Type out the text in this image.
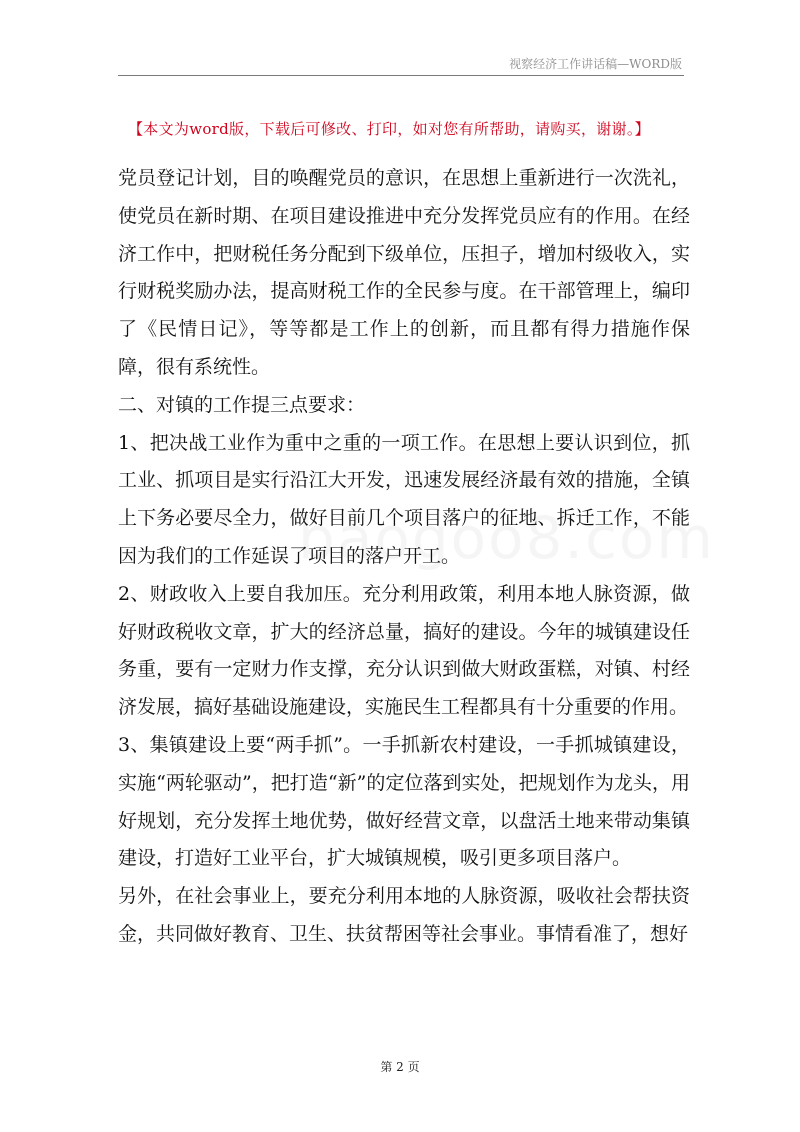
视察经济工作讲话稿—WORD版
【本文为word版，下载后可修改、打印，如对您有所帮助，请购买，谢谢。】

党员登记计划，目的唤醒党员的意识，在思想上重新进行一次洗礼，使党员在新时期、在项目建设推进中充分发挥党员应有的作用。在经济工作中，把财税任务分配到下级单位，压担子，增加村级收入，实行财税奖励办法，提高财税工作的全民参与度。在干部管理上，编印了《民情日记》，等等都是工作上的创新，而且都有得力措施作保障，很有系统性。

二、对镇的工作提三点要求：

1、把决战工业作为重中之重的一项工作。在思想上要认识到位，抓工业、抓项目是实行沿江大开发，迅速发展经济最有效的措施，全镇上下务必要尽全力，做好目前几个项目落户的征地、拆迁工作，不能因为我们的工作延误了项目的落户开工。

2、财政收入上要自我加压。充分利用政策，利用本地人脉资源，做好财政税收文章，扩大的经济总量，搞好的建设。今年的城镇建设任务重，要有一定财力作支撑，充分认识到做大财政蛋糕，对镇、村经济发展，搞好基础设施建设，实施民生工程都具有十分重要的作用。

3、集镇建设上要“两手抓”。一手抓新农村建设，一手抓城镇建设，实施“两轮驱动”，把打造“新”的定位落到实处，把规划作为龙头，用好规划，充分发挥土地优势，做好经营文章，以盘活土地来带动集镇建设，打造好工业平台，扩大城镇规模，吸引更多项目落户。

另外，在社会事业上，要充分利用本地的人脉资源，吸收社会帮扶资金，共同做好教育、卫生、扶贫帮困等社会事业。事情看准了，想好

第 2 页
